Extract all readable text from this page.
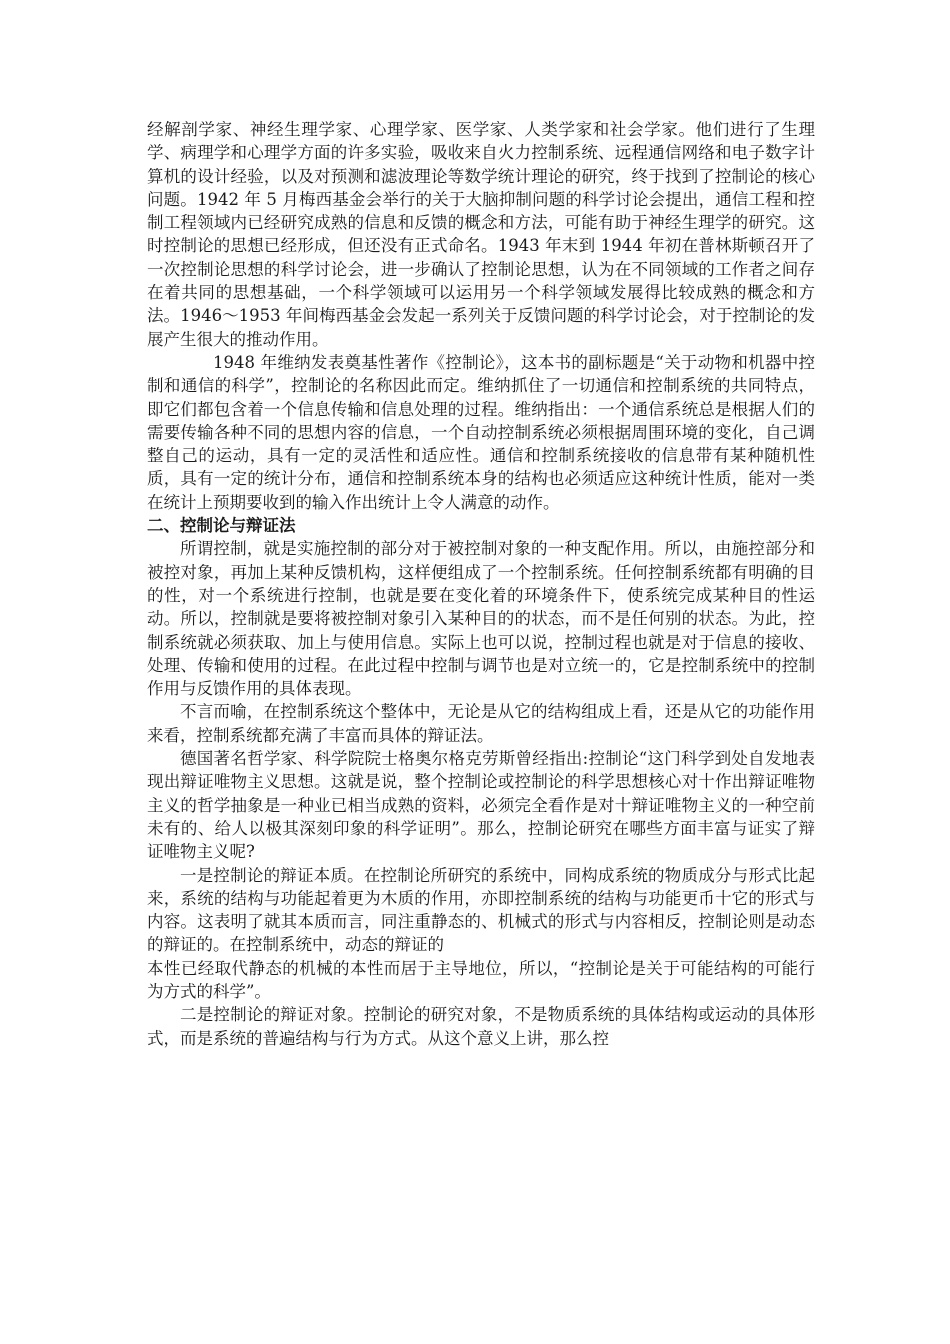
经解剖学家、神经生理学家、心理学家、医学家、人类学家和社会学家。他们进行了生理学、病理学和心理学方面的许多实验，吸收来自火力控制系统、远程通信网络和电子数字计算机的设计经验，以及对预测和滤波理论等数学统计理论的研究，终于找到了控制论的核心问题。1942 年 5 月梅西基金会举行的关于大脑抑制问题的科学讨论会提出，通信工程和控制工程领域内已经研究成熟的信息和反馈的概念和方法，可能有助于神经生理学的研究。这时控制论的思想已经形成，但还没有正式命名。1943 年末到 1944 年初在普林斯顿召开了一次控制论思想的科学讨论会，进一步确认了控制论思想，认为在不同领域的工作者之间存在着共同的思想基础，一个科学领域可以运用另一个科学领域发展得比较成熟的概念和方法。1946～1953 年间梅西基金会发起一系列关于反馈问题的科学讨论会，对于控制论的发展产生很大的推动作用。

1948 年维纳发表奠基性著作《控制论》，这本书的副标题是“关于动物和机器中控制和通信的科学”，控制论的名称因此而定。维纳抓住了一切通信和控制系统的共同特点，即它们都包含着一个信息传输和信息处理的过程。维纳指出：一个通信系统总是根据人们的需要传输各种不同的思想内容的信息，一个自动控制系统必须根据周围环境的变化，自己调整自己的运动，具有一定的灵活性和适应性。通信和控制系统接收的信息带有某种随机性质，具有一定的统计分布，通信和控制系统本身的结构也必须适应这种统计性质，能对一类在统计上预期要收到的输入作出统计上令人满意的动作。

二、控制论与辩证法

所谓控制，就是实施控制的部分对于被控制对象的一种支配作用。所以，由施控部分和被控对象，再加上某种反馈机构，这样便组成了一个控制系统。任何控制系统都有明确的目的性，对一个系统进行控制，也就是要在变化着的环境条件下，使系统完成某种目的性运动。所以，控制就是要将被控制对象引入某种目的的状态，而不是任何别的状态。为此，控制系统就必须获取、加上与使用信息。实际上也可以说，控制过程也就是对于信息的接收、处理、传输和使用的过程。在此过程中控制与调节也是对立统一的，它是控制系统中的控制作用与反馈作用的具体表现。

不言而喻，在控制系统这个整体中，无论是从它的结构组成上看，还是从它的功能作用来看，控制系统都充满了丰富而具体的辩证法。

德国著名哲学家、科学院院士格奥尔格克劳斯曾经指出:控制论“这门科学到处自发地表现出辩证唯物主义思想。这就是说，整个控制论或控制论的科学思想核心对十作出辩证唯物主义的哲学抽象是一种业已相当成熟的资料，必须完全看作是对十辩证唯物主义的一种空前未有的、给人以极其深刻印象的科学证明”。那么，控制论研究在哪些方面丰富与证实了辩证唯物主义呢?

一是控制论的辩证本质。在控制论所研究的系统中，同构成系统的物质成分与形式比起来，系统的结构与功能起着更为木质的作用，亦即控制系统的结构与功能更币十它的形式与内容。这表明了就其本质而言，同注重静态的、机械式的形式与内容相反，控制论则是动态的辩证的。在控制系统中，动态的辩证的

本性已经取代静态的机械的本性而居于主导地位，所以，“控制论是关于可能结构的可能行为方式的科学”。

二是控制论的辩证对象。控制论的研究对象，不是物质系统的具体结构或运动的具体形式，而是系统的普遍结构与行为方式。从这个意义上讲，那么控
